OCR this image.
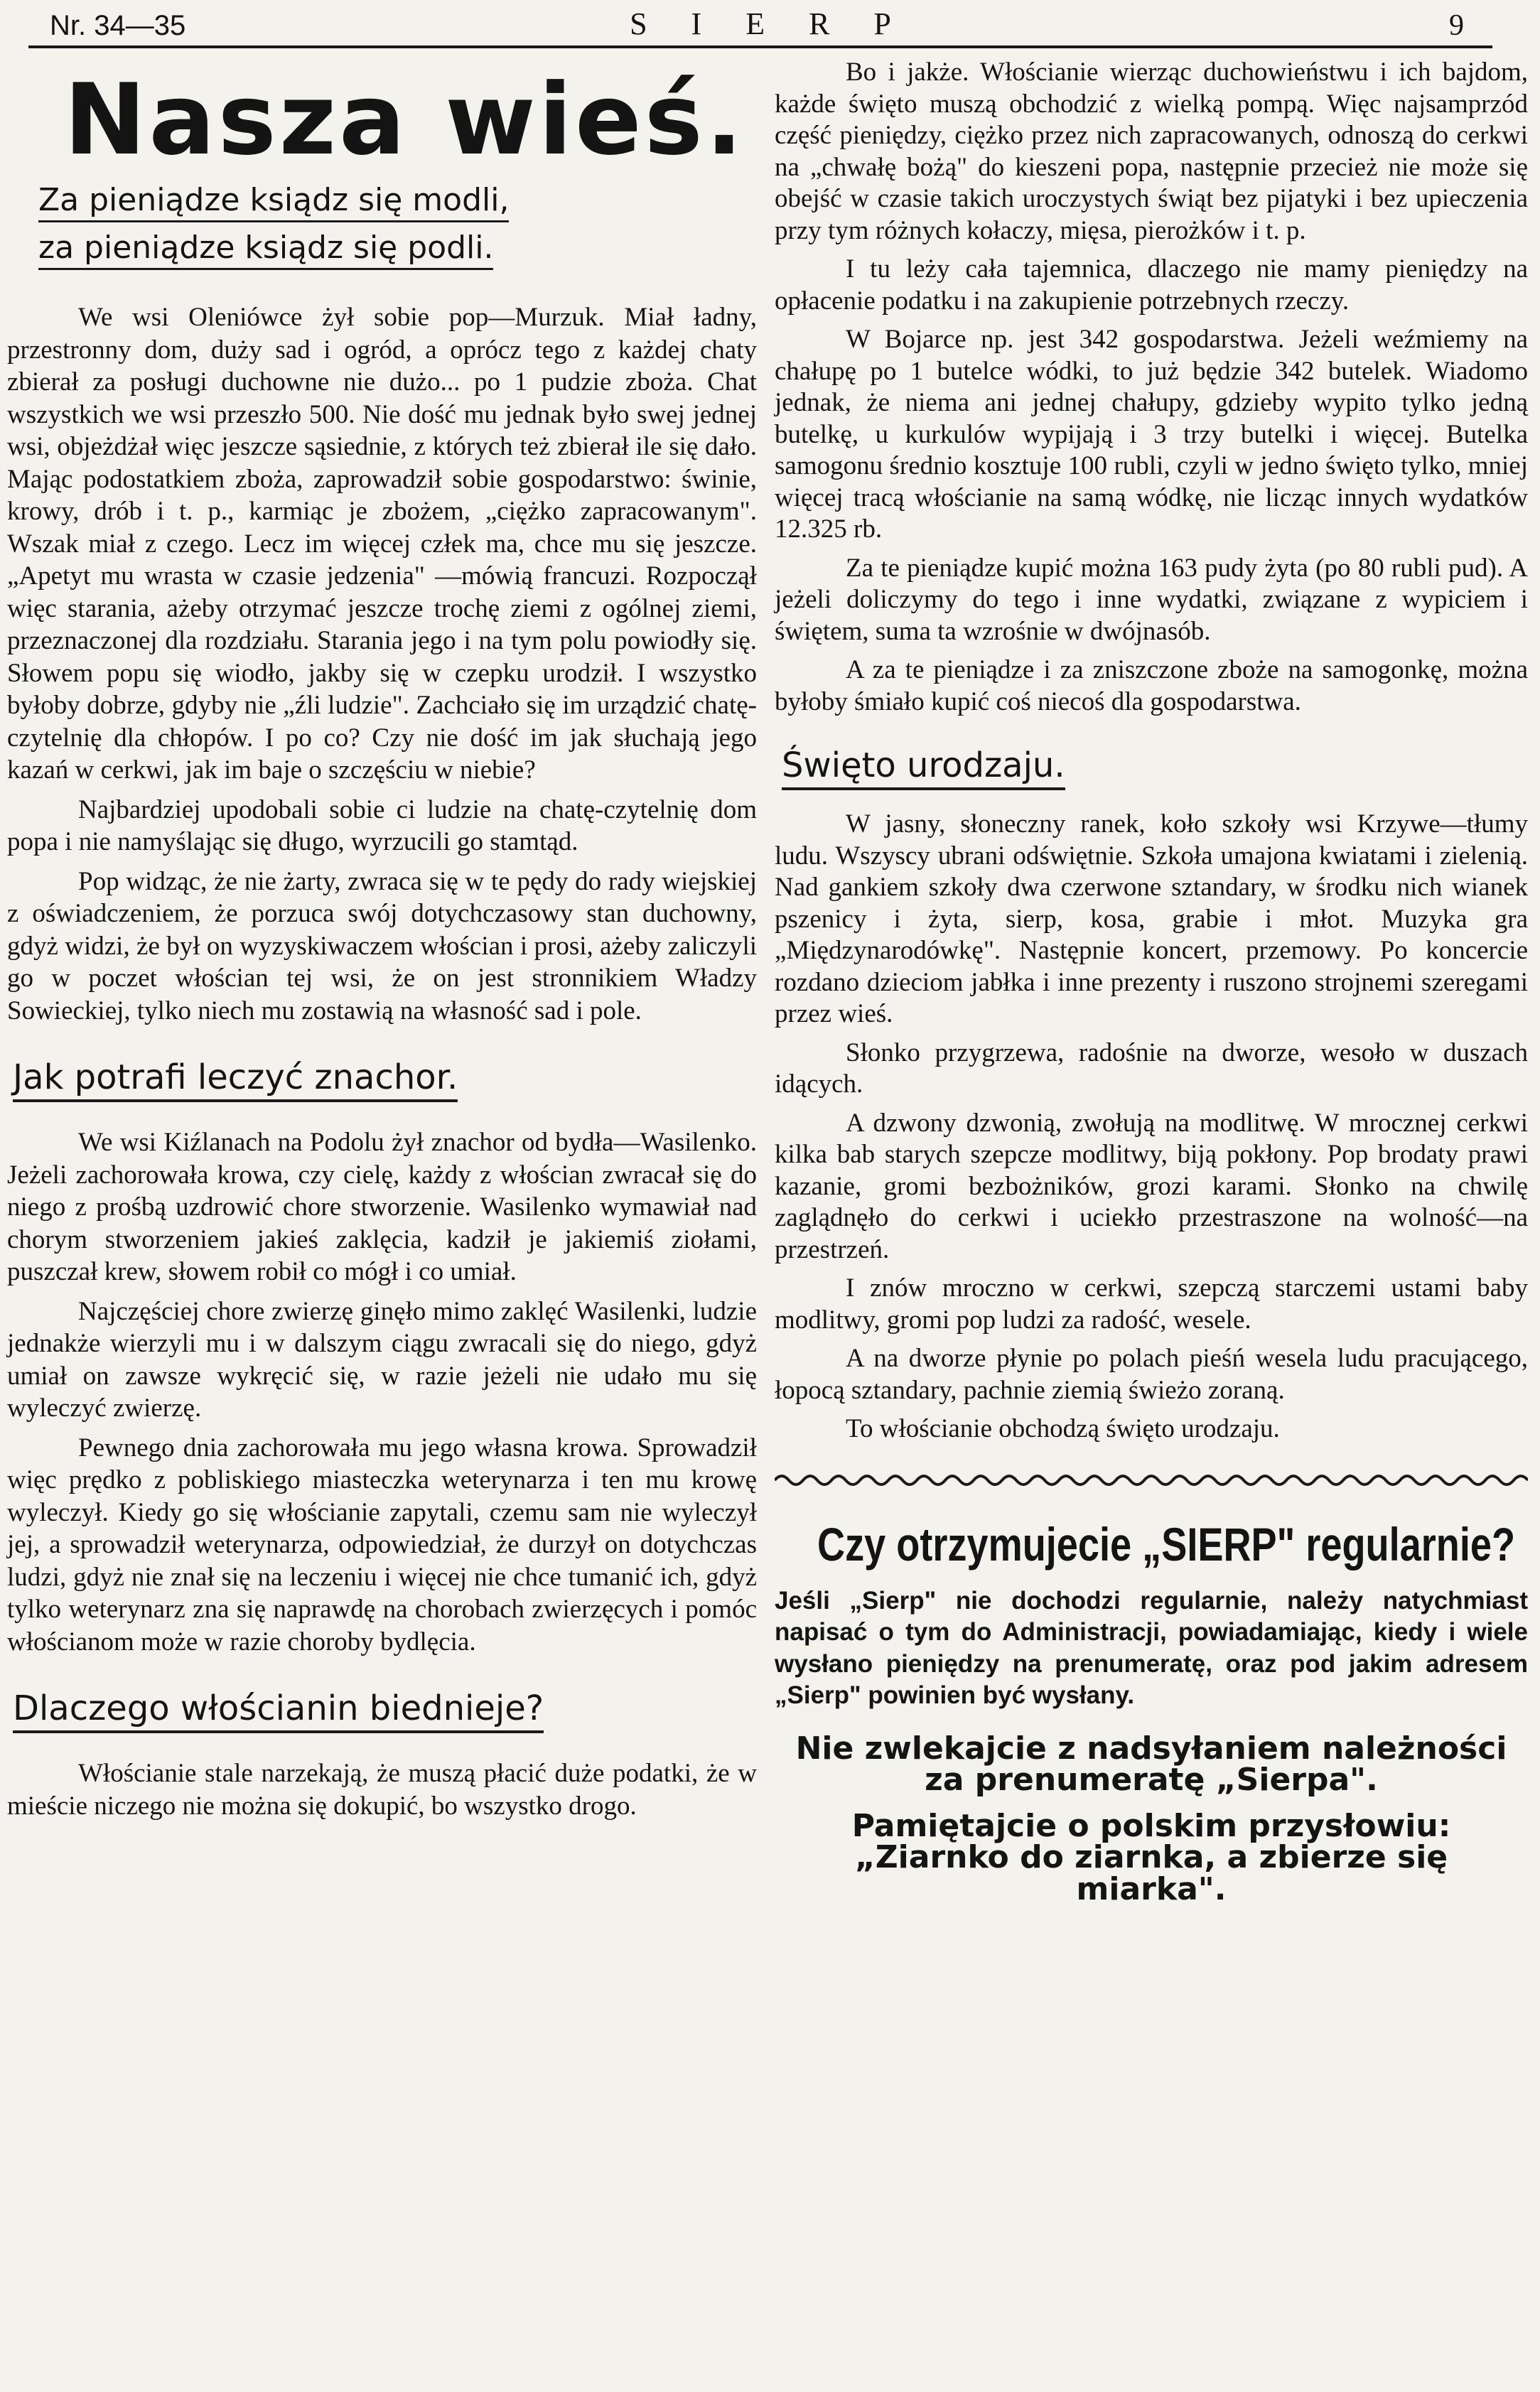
Nr. 34—35	SIERP	9
Nasza wieś.
Za pieniądze ksiądz się modli,
za pieniądze ksiądz się podli.

We wsi Oleniówce żył sobie pop—Murzuk. Miał ładny, przestronny dom, duży sad i ogród, a oprócz tego z każdej chaty zbierał za posługi duchowne nie dużo... po 1 pudzie zboża. Chat wszystkich we wsi przeszło 500. Nie dość mu jednak było swej jednej wsi, objeżdżał więc jeszcze sąsiednie, z których też zbierał ile się dało. Mając podostatkiem zboża, zaprowadził sobie gospodarstwo: świnie, krowy, drób i t. p., karmiąc je zbożem, „ciężko zapracowanym". Wszak miał z czego. Lecz im więcej człek ma, chce mu się jeszcze. „Apetyt mu wrasta w czasie jedzenia" —mówią francuzi. Rozpoczął więc starania, ażeby otrzymać jeszcze trochę ziemi z ogólnej ziemi, przeznaczonej dla rozdziału. Starania jego i na tym polu powiodły się. Słowem popu się wiodło, jakby się w czepku urodził. I wszystko byłoby dobrze, gdyby nie „źli ludzie". Zachciało się im urządzić chatę-czytelnię dla chłopów. I po co? Czy nie dość im jak słuchają jego kazań w cerkwi, jak im baje o szczęściu w niebie?

Najbardziej upodobali sobie ci ludzie na chatę-czytelnię dom popa i nie namyślając się długo, wyrzucili go stamtąd.

Pop widząc, że nie żarty, zwraca się w te pędy do rady wiejskiej z oświadczeniem, że porzuca swój dotychczasowy stan duchowny, gdyż widzi, że był on wyzyskiwaczem włościan i prosi, ażeby zaliczyli go w poczet włościan tej wsi, że on jest stronnikiem Władzy Sowieckiej, tylko niech mu zostawią na własność sad i pole.

Jak potrafi leczyć znachor.

We wsi Kiźlanach na Podolu żył znachor od bydła—Wasilenko. Jeżeli zachorowała krowa, czy cielę, każdy z włościan zwracał się do niego z prośbą uzdrowić chore stworzenie. Wasilenko wymawiał nad chorym stworzeniem jakieś zaklęcia, kadził je jakiemiś ziołami, puszczał krew, słowem robił co mógł i co umiał.

Najczęściej chore zwierzę ginęło mimo zaklęć Wasilenki, ludzie jednakże wierzyli mu i w dalszym ciągu zwracali się do niego, gdyż umiał on zawsze wykręcić się, w razie jeżeli nie udało mu się wyleczyć zwierzę.

Pewnego dnia zachorowała mu jego własna krowa. Sprowadził więc prędko z pobliskiego miasteczka weterynarza i ten mu krowę wyleczył. Kiedy go się włościanie zapytali, czemu sam nie wyleczył jej, a sprowadził weterynarza, odpowiedział, że durzył on dotychczas ludzi, gdyż nie znał się na leczeniu i więcej nie chce tumanić ich, gdyż tylko weterynarz zna się naprawdę na chorobach zwierzęcych i pomóc włościanom może w razie choroby bydlęcia.

Dlaczego włościanin biednieje?

Włościanie stale narzekają, że muszą płacić duże podatki, że w mieście niczego nie można się dokupić, bo wszystko drogo.

Bo i jakże. Włościanie wierząc duchowieństwu i ich bajdom, każde święto muszą obchodzić z wielką pompą. Więc najsamprzód część pieniędzy, ciężko przez nich zapracowanych, odnoszą do cerkwi na „chwałę bożą" do kieszeni popa, następnie przecież nie może się obejść w czasie takich uroczystych świąt bez pijatyki i bez upieczenia przy tym różnych kołaczy, mięsa, pierożków i t. p.

I tu leży cała tajemnica, dlaczego nie mamy pieniędzy na opłacenie podatku i na zakupienie potrzebnych rzeczy.

W Bojarce np. jest 342 gospodarstwa. Jeżeli weźmiemy na chałupę po 1 butelce wódki, to już będzie 342 butelek. Wiadomo jednak, że niema ani jednej chałupy, gdzieby wypito tylko jedną butelkę, u kurkulów wypijają i 3 trzy butelki i więcej. Butelka samogonu średnio kosztuje 100 rubli, czyli w jedno święto tylko, mniej więcej tracą włościanie na samą wódkę, nie licząc innych wydatków 12.325 rb.

Za te pieniądze kupić można 163 pudy żyta (po 80 rubli pud). A jeżeli doliczymy do tego i inne wydatki, związane z wypiciem i świętem, suma ta wzrośnie w dwójnasób.

A za te pieniądze i za zniszczone zboże na samogonkę, można byłoby śmiało kupić coś niecoś dla gospodarstwa.

Święto urodzaju.

W jasny, słoneczny ranek, koło szkoły wsi Krzywe—tłumy ludu. Wszyscy ubrani odświętnie. Szkoła umajona kwiatami i zielenią. Nad gankiem szkoły dwa czerwone sztandary, w środku nich wianek pszenicy i żyta, sierp, kosa, grabie i młot. Muzyka gra „Międzynarodówkę". Następnie koncert, przemowy. Po koncercie rozdano dzieciom jabłka i inne prezenty i ruszono strojnemi szeregami przez wieś.

Słonko przygrzewa, radośnie na dworze, wesoło w duszach idących.

A dzwony dzwonią, zwołują na modlitwę. W mrocznej cerkwi kilka bab starych szepcze modlitwy, biją pokłony. Pop brodaty prawi kazanie, gromi bezbożników, grozi karami. Słonko na chwilę zaglądnęło do cerkwi i uciekło przestraszone na wolność—na przestrzeń.

I znów mroczno w cerkwi, szepczą starczemi ustami baby modlitwy, gromi pop ludzi za radość, wesele.

A na dworze płynie po polach pieśń wesela ludu pracującego, łopocą sztandary, pachnie ziemią świeżo zoraną.

To włościanie obchodzą święto urodzaju.

Czy otrzymujecie „SIERP" regularnie?

Jeśli „Sierp" nie dochodzi regularnie, należy natychmiast napisać o tym do Administracji, powiadamiając, kiedy i wiele wysłano pieniędzy na prenumeratę, oraz pod jakim adresem „Sierp" powinien być wysłany.

Nie zwlekajcie z nadsyłaniem należności za prenumeratę „Sierpa".

Pamiętajcie o polskim przysłowiu:

„Ziarnko do ziarnka, a zbierze się miarka".
